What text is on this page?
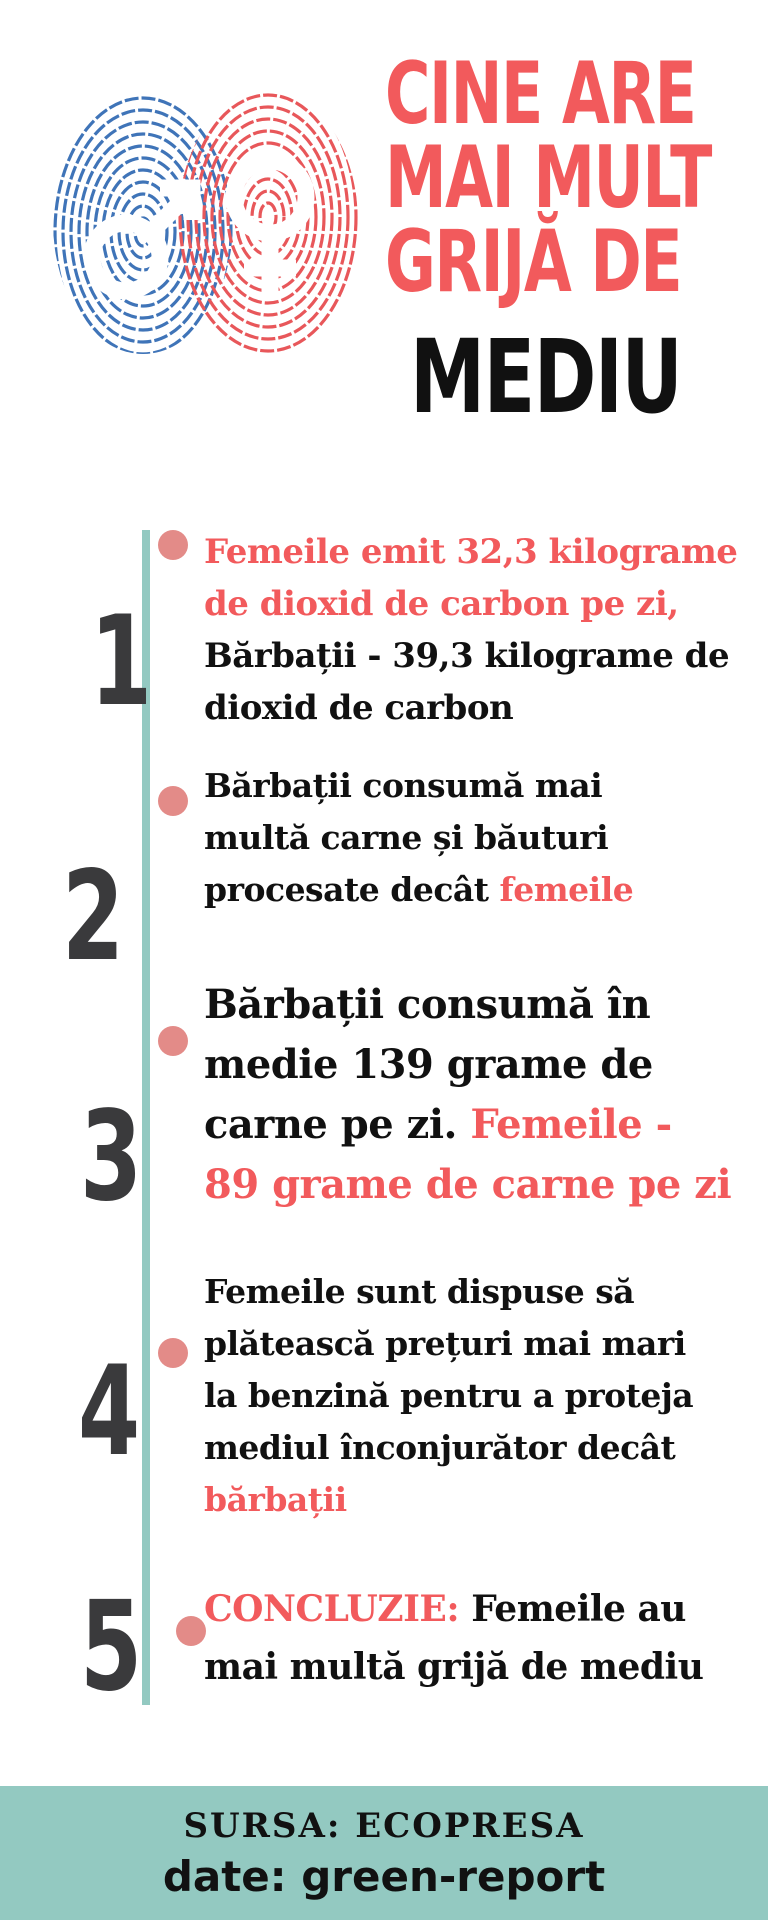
CINE ARE
MAI MULT
GRIJĂ DE
MEDIU
1

Femeile emit 32,3 kilograme de dioxid de carbon pe zi, Bărbații - 39,3 kilograme de dioxid de carbon

2

Bărbații consumă mai multă carne și băuturi procesate decât femeile

3

Bărbații consumă în medie 139 grame de carne pe zi. Femeile - 89 grame de carne pe zi

4

Femeile sunt dispuse să plătească prețuri mai mari la benzină pentru a proteja mediul înconjurător decât bărbații

5 CONCLUZIE: Femeile au mai multă grijă de mediu

SURSA: ECOPRESA

date: green-report
